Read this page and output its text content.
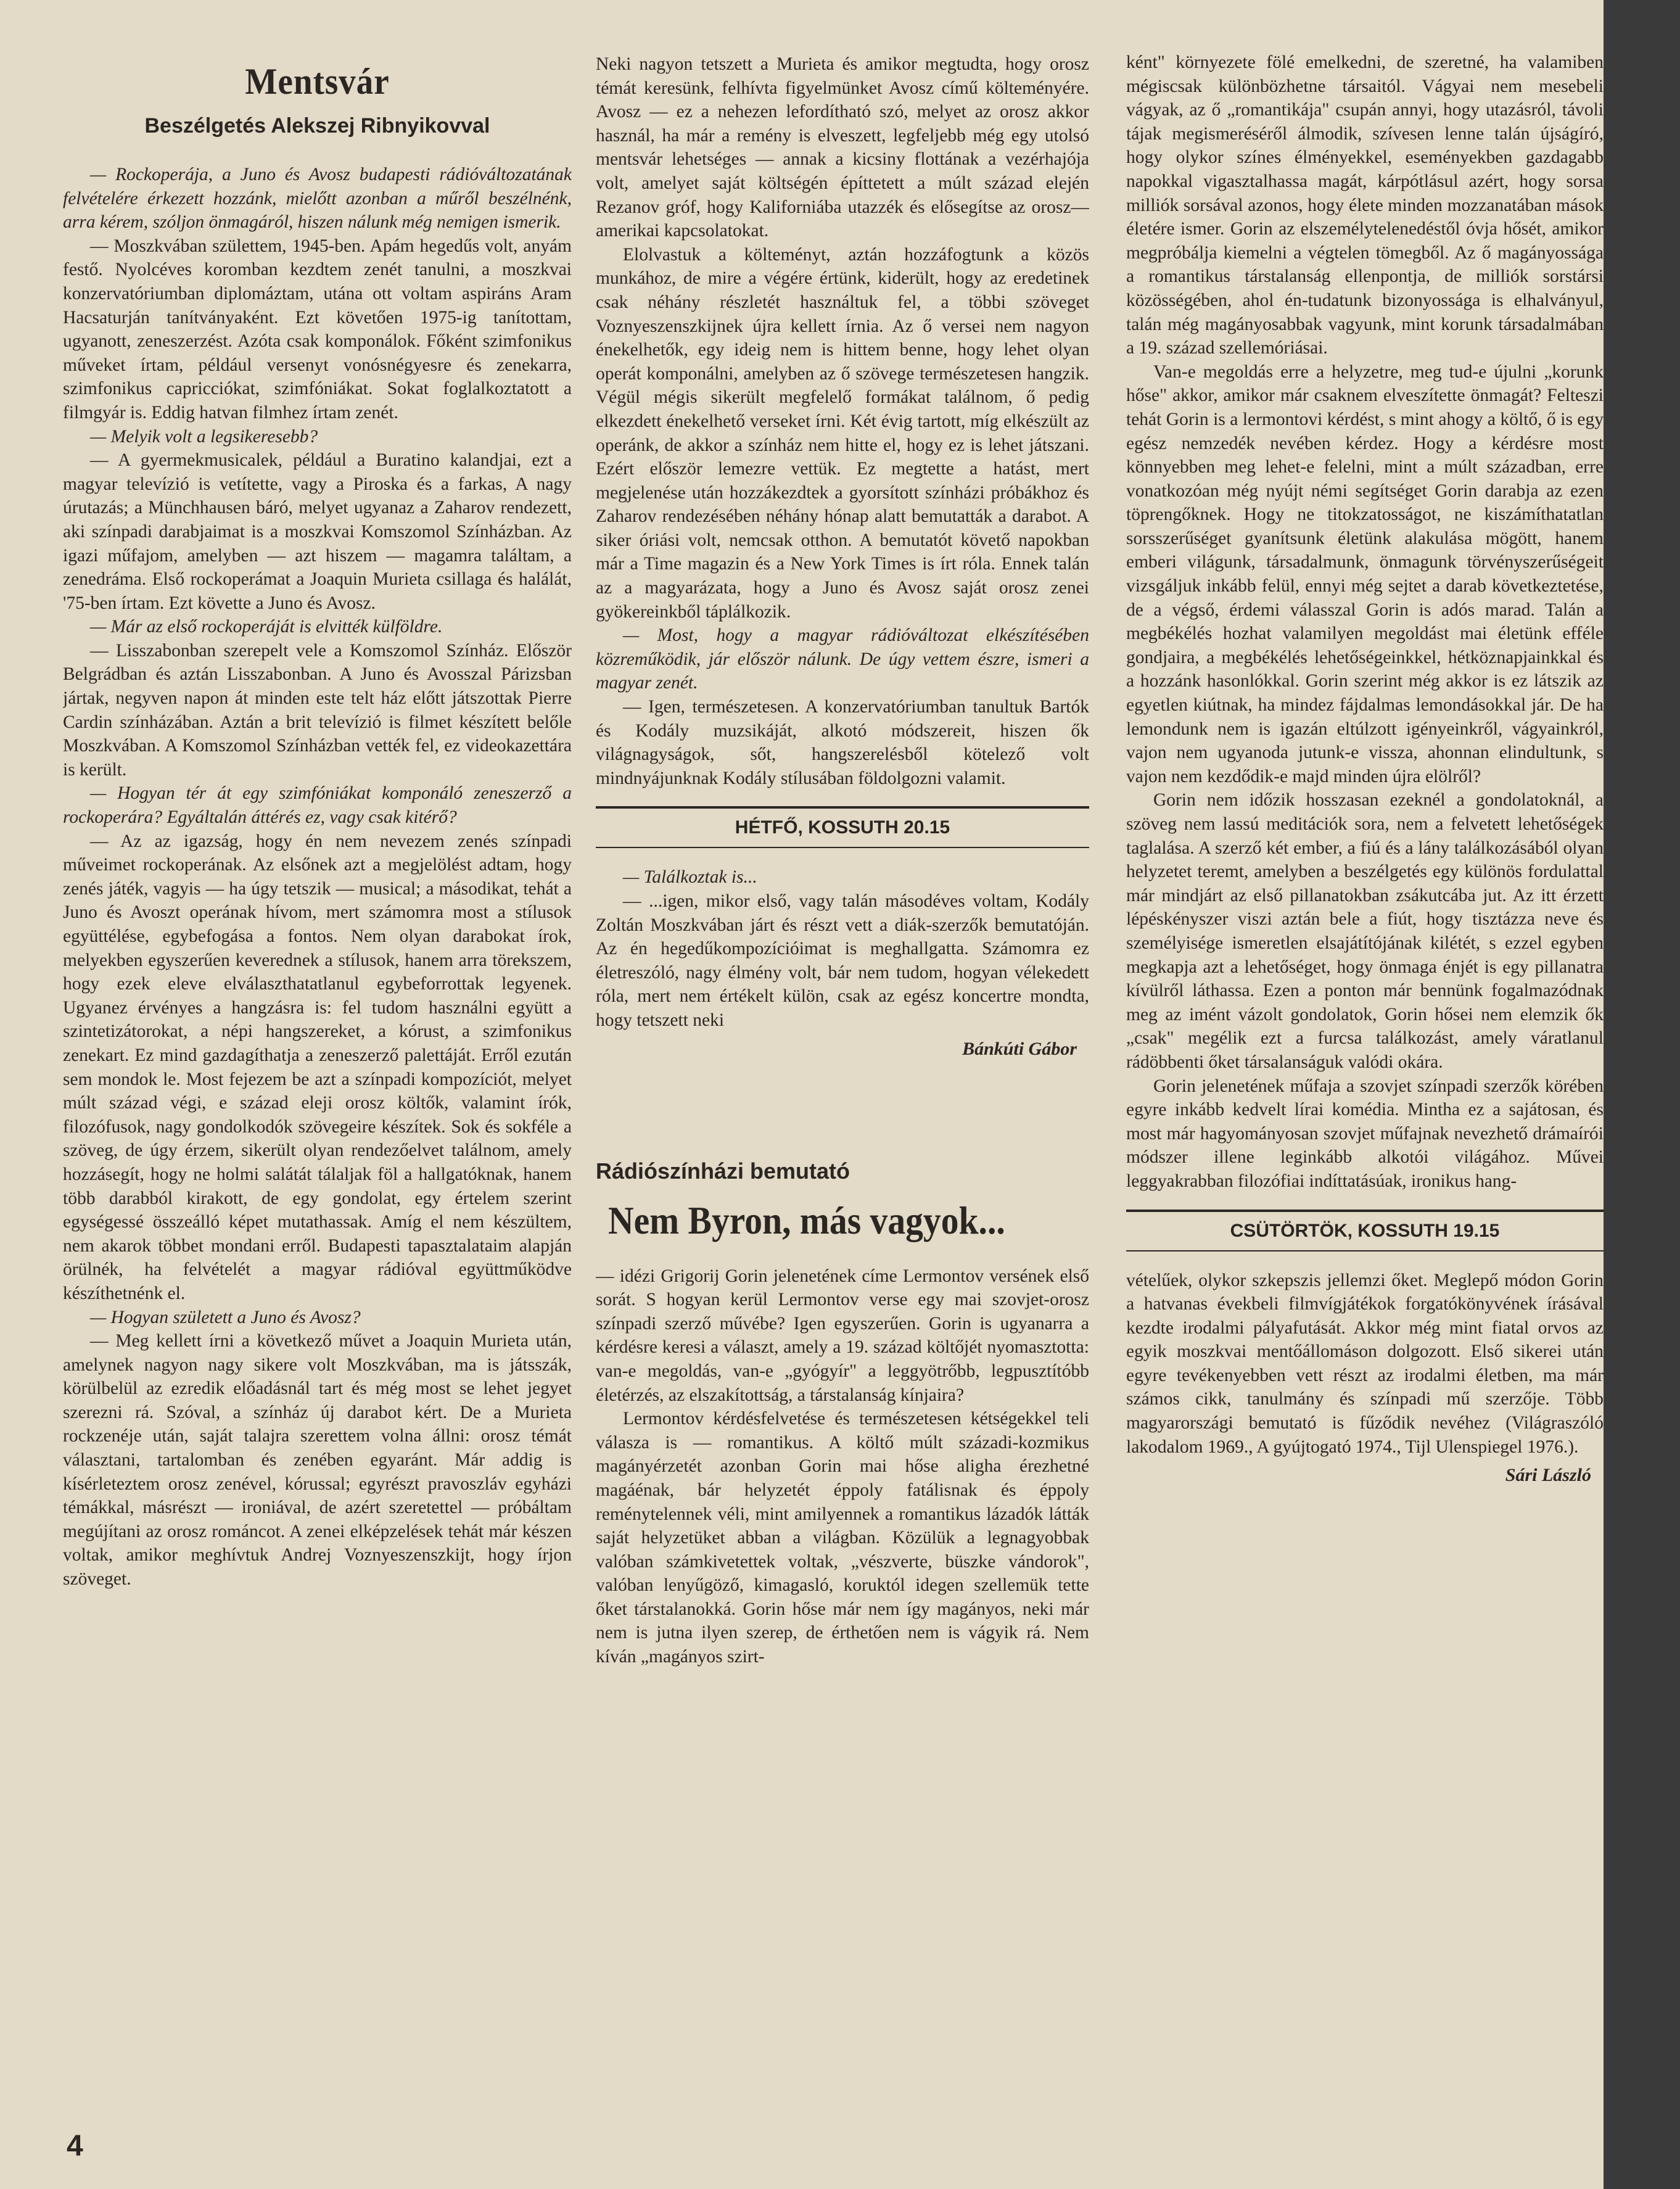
Mentsvár
Beszélgetés Alekszej Ribnyikovval

— Rockoperája, a Juno és Avosz budapesti rádióváltozatának felvételére érkezett hozzánk, mielőtt azonban a műről beszélnénk, arra kérem, szóljon önmagáról, hiszen nálunk még nemigen ismerik.

— Moszkvában születtem, 1945-ben. Apám hegedűs volt, anyám festő. Nyolcéves koromban kezdtem zenét tanulni, a moszkvai konzervatóriumban diplomáztam, utána ott voltam aspiráns Aram Hacsaturján tanítványaként. Ezt követően 1975-ig tanítottam, ugyanott, zeneszerzést. Azóta csak komponálok. Főként szimfonikus műveket írtam, például versenyt vonósnégyesre és zenekarra, szimfonikus capricciókat, szimfóniákat. Sokat foglalkoztatott a filmgyár is. Eddig hatvan filmhez írtam zenét.

— Melyik volt a legsikeresebb?

— A gyermekmusicalek, például a Buratino kalandjai, ezt a magyar televízió is vetítette, vagy a Piroska és a farkas, A nagy úrutazás; a Münchhausen báró, melyet ugyanaz a Zaharov rendezett, aki színpadi darabjaimat is a moszkvai Komszomol Színházban. Az igazi műfajom, amelyben — azt hiszem — magamra találtam, a zenedráma. Első rockoperámat a Joaquin Murieta csillaga és halálát, '75-ben írtam. Ezt követte a Juno és Avosz.

— Már az első rockoperáját is elvitték külföldre.

— Lisszabonban szerepelt vele a Komszomol Színház. Először Belgrádban és aztán Lisszabonban. A Juno és Avosszal Párizsban jártak, negyven napon át minden este telt ház előtt játszottak Pierre Cardin színházában. Aztán a brit televízió is filmet készített belőle Moszkvában. A Komszomol Színházban vették fel, ez videokazettára is került.

— Hogyan tér át egy szimfóniákat komponáló zeneszerző a rockoperára? Egyáltalán áttérés ez, vagy csak kitérő?

— Az az igazság, hogy én nem nevezem zenés színpadi műveimet rockoperának. Az elsőnek azt a megjelölést adtam, hogy zenés játék, vagyis — ha úgy tetszik — musical; a másodikat, tehát a Juno és Avoszt operának hívom, mert számomra most a stílusok együttélése, egybefogása a fontos. Nem olyan darabokat írok, melyekben egyszerűen keverednek a stílusok, hanem arra törekszem, hogy ezek eleve elválaszthatatlanul egybeforrottak legyenek. Ugyanez érvényes a hangzásra is: fel tudom használni együtt a szintetizátorokat, a népi hangszereket, a kórust, a szimfonikus zenekart. Ez mind gazdagíthatja a zeneszerző palettáját. Erről ezután sem mondok le. Most fejezem be azt a színpadi kompozíciót, melyet múlt század végi, e század eleji orosz költők, valamint írók, filozófusok, nagy gondolkodók szövegeire készítek. Sok és sokféle a szöveg, de úgy érzem, sikerült olyan rendezőelvet találnom, amely hozzásegít, hogy ne holmi salátát tálaljak föl a hallgatóknak, hanem több darabból kirakott, de egy gondolat, egy értelem szerint egységessé összeálló képet mutathassak. Amíg el nem készültem, nem akarok többet mondani erről. Budapesti tapasztalataim alapján örülnék, ha felvételét a magyar rádióval együttműködve készíthetnénk el.

— Hogyan született a Juno és Avosz?

— Meg kellett írni a következő művet a Joaquin Murieta után, amelynek nagyon nagy sikere volt Moszkvában, ma is játsszák, körülbelül az ezredik előadásnál tart és még most se lehet jegyet szerezni rá. Szóval, a színház új darabot kért. De a Murieta rockzenéje után, saját talajra szerettem volna állni: orosz témát választani, tartalomban és zenében egyaránt. Már addig is kísérleteztem orosz zenével, kórussal; egyrészt pravoszláv egyházi témákkal, másrészt — ironiával, de azért szeretettel — próbáltam megújítani az orosz románcot. A zenei elképzelések tehát már készen voltak, amikor meghívtuk Andrej Voznyeszenszkijt, hogy írjon szöveget.

Neki nagyon tetszett a Murieta és amikor megtudta, hogy orosz témát keresünk, felhívta figyelmünket Avosz című költeményére. Avosz — ez a nehezen lefordítható szó, melyet az orosz akkor használ, ha már a remény is elveszett, legfeljebb még egy utolsó mentsvár lehetséges — annak a kicsiny flottának a vezérhajója volt, amelyet saját költségén építtetett a múlt század elején Rezanov gróf, hogy Kaliforniába utazzék és elősegítse az orosz—amerikai kapcsolatokat.

Elolvastuk a költeményt, aztán hozzáfogtunk a közös munkához, de mire a végére értünk, kiderült, hogy az eredetinek csak néhány részletét használtuk fel, a többi szöveget Voznyeszenszkijnek újra kellett írnia. Az ő versei nem nagyon énekelhetők, egy ideig nem is hittem benne, hogy lehet olyan operát komponálni, amelyben az ő szövege természetesen hangzik. Végül mégis sikerült megfelelő formákat találnom, ő pedig elkezdett énekelhető verseket írni. Két évig tartott, míg elkészült az operánk, de akkor a színház nem hitte el, hogy ez is lehet játszani. Ezért először lemezre vettük. Ez megtette a hatást, mert megjelenése után hozzákezdtek a gyorsított színházi próbákhoz és Zaharov rendezésében néhány hónap alatt bemutatták a darabot. A siker óriási volt, nemcsak otthon. A bemutatót követő napokban már a Time magazin és a New York Times is írt róla. Ennek talán az a magyarázata, hogy a Juno és Avosz saját orosz zenei gyökereinkből táplálkozik.

— Most, hogy a magyar rádióváltozat elkészítésében közreműködik, jár először nálunk. De úgy vettem észre, ismeri a magyar zenét.

— Igen, természetesen. A konzervatóriumban tanultuk Bartók és Kodály muzsikáját, alkotó módszereit, hiszen ők világnagyságok, sőt, hangszerelésből kötelező volt mindnyájunknak Kodály stílusában földolgozni valamit.

HÉTFŐ, KOSSUTH 20.15

— Találkoztak is...

— ...igen, mikor első, vagy talán másodéves voltam, Kodály Zoltán Moszkvában járt és részt vett a diák-szerzők bemutatóján. Az én hegedűkompozícióimat is meghallgatta. Számomra ez életreszóló, nagy élmény volt, bár nem tudom, hogyan vélekedett róla, mert nem értékelt külön, csak az egész koncertre mondta, hogy tetszett neki

Bánkúti Gábor
Rádiószínházi bemutató
Nem Byron, más vagyok...

— idézi Grigorij Gorin jelenetének címe Lermontov versének első sorát. S hogyan kerül Lermontov verse egy mai szovjet-orosz színpadi szerző művébe? Igen egyszerűen. Gorin is ugyanarra a kérdésre keresi a választ, amely a 19. század költőjét nyomasztotta: van-e megoldás, van-e „gyógyír" a leggyötrőbb, legpusztítóbb életérzés, az elszakítottság, a társtalanság kínjaira?

Lermontov kérdésfelvetése és természetesen kétségekkel teli válasza is — romantikus. A költő múlt századi-kozmikus magányérzetét azonban Gorin mai hőse aligha érezhetné magáénak, bár helyzetét éppoly fatálisnak és éppoly reménytelennek véli, mint amilyennek a romantikus lázadók látták saját helyzetüket abban a világban. Közülük a legnagyobbak valóban számkivetettek voltak, „vészverte, büszke vándorok", valóban lenyűgöző, kimagasló, koruktól idegen szellemük tette őket társtalanokká. Gorin hőse már nem így magányos, neki már nem is jutna ilyen szerep, de érthetően nem is vágyik rá. Nem kíván „magányos szirt-

ként" környezete fölé emelkedni, de szeretné, ha valamiben mégiscsak különbözhetne társaitól. Vágyai nem mesebeli vágyak, az ő „romantikája" csupán annyi, hogy utazásról, távoli tájak megismeréséről álmodik, szívesen lenne talán újságíró, hogy olykor színes élményekkel, eseményekben gazdagabb napokkal vigasztalhassa magát, kárpótlásul azért, hogy sorsa milliók sorsával azonos, hogy élete minden mozzanatában mások életére ismer. Gorin az elszemélytelenedéstől óvja hősét, amikor megpróbálja kiemelni a végtelen tömegből. Az ő magányossága a romantikus társtalanság ellenpontja, de milliók sorstársi közösségében, ahol én-tudatunk bizonyossága is elhalványul, talán még magányosabbak vagyunk, mint korunk társadalmában a 19. század szellemóriásai.

Van-e megoldás erre a helyzetre, meg tud-e újulni „korunk hőse" akkor, amikor már csaknem elveszítette önmagát? Felteszi tehát Gorin is a lermontovi kérdést, s mint ahogy a költő, ő is egy egész nemzedék nevében kérdez. Hogy a kérdésre most könnyebben meg lehet-e felelni, mint a múlt században, erre vonatkozóan még nyújt némi segítséget Gorin darabja az ezen töprengőknek. Hogy ne titokzatosságot, ne kiszámíthatatlan sorsszerűséget gyanítsunk életünk alakulása mögött, hanem emberi világunk, társadalmunk, önmagunk törvényszerűségeit vizsgáljuk inkább felül, ennyi még sejtet a darab következtetése, de a végső, érdemi válasszal Gorin is adós marad. Talán a megbékélés hozhat valamilyen megoldást mai életünk efféle gondjaira, a megbékélés lehetőségeinkkel, hétköznapjainkkal és a hozzánk hasonlókkal. Gorin szerint még akkor is ez látszik az egyetlen kiútnak, ha mindez fájdalmas lemondásokkal jár. De ha lemondunk nem is igazán eltúlzott igényeinkről, vágyainkról, vajon nem ugyanoda jutunk-e vissza, ahonnan elindultunk, s vajon nem kezdődik-e majd minden újra elölről?

Gorin nem időzik hosszasan ezeknél a gondolatoknál, a szöveg nem lassú meditációk sora, nem a felvetett lehetőségek taglalása. A szerző két ember, a fiú és a lány találkozásából olyan helyzetet teremt, amelyben a beszélgetés egy különös fordulattal már mindjárt az első pillanatokban zsákutcába jut. Az itt érzett lépéskényszer viszi aztán bele a fiút, hogy tisztázza neve és személyisége ismeretlen elsajátítójának kilétét, s ezzel egyben megkapja azt a lehetőséget, hogy önmaga énjét is egy pillanatra kívülről láthassa. Ezen a ponton már bennünk fogalmazódnak meg az imént vázolt gondolatok, Gorin hősei nem elemzik ők „csak" megélik ezt a furcsa találkozást, amely váratlanul rádöbbenti őket társalanságuk valódi okára.

Gorin jelenetének műfaja a szovjet színpadi szerzők körében egyre inkább kedvelt lírai komédia. Mintha ez a sajátosan, és most már hagyományosan szovjet műfajnak nevezhető drámaírói módszer illene leginkább alkotói világához. Művei leggyakrabban filozófiai indíttatásúak, ironikus hang-

CSÜTÖRTÖK, KOSSUTH 19.15

vételűek, olykor szkepszis jellemzi őket. Meglepő módon Gorin a hatvanas évekbeli filmvígjátékok forgatókönyvének írásával kezdte irodalmi pályafutását. Akkor még mint fiatal orvos az egyik moszkvai mentőállomáson dolgozott. Első sikerei után egyre tevékenyebben vett részt az irodalmi életben, ma már számos cikk, tanulmány és színpadi mű szerzője. Több magyarországi bemutató is fűződik nevéhez (Világraszóló lakodalom 1969., A gyújtogató 1974., Tijl Ulenspiegel 1976.).

Sári László
4
